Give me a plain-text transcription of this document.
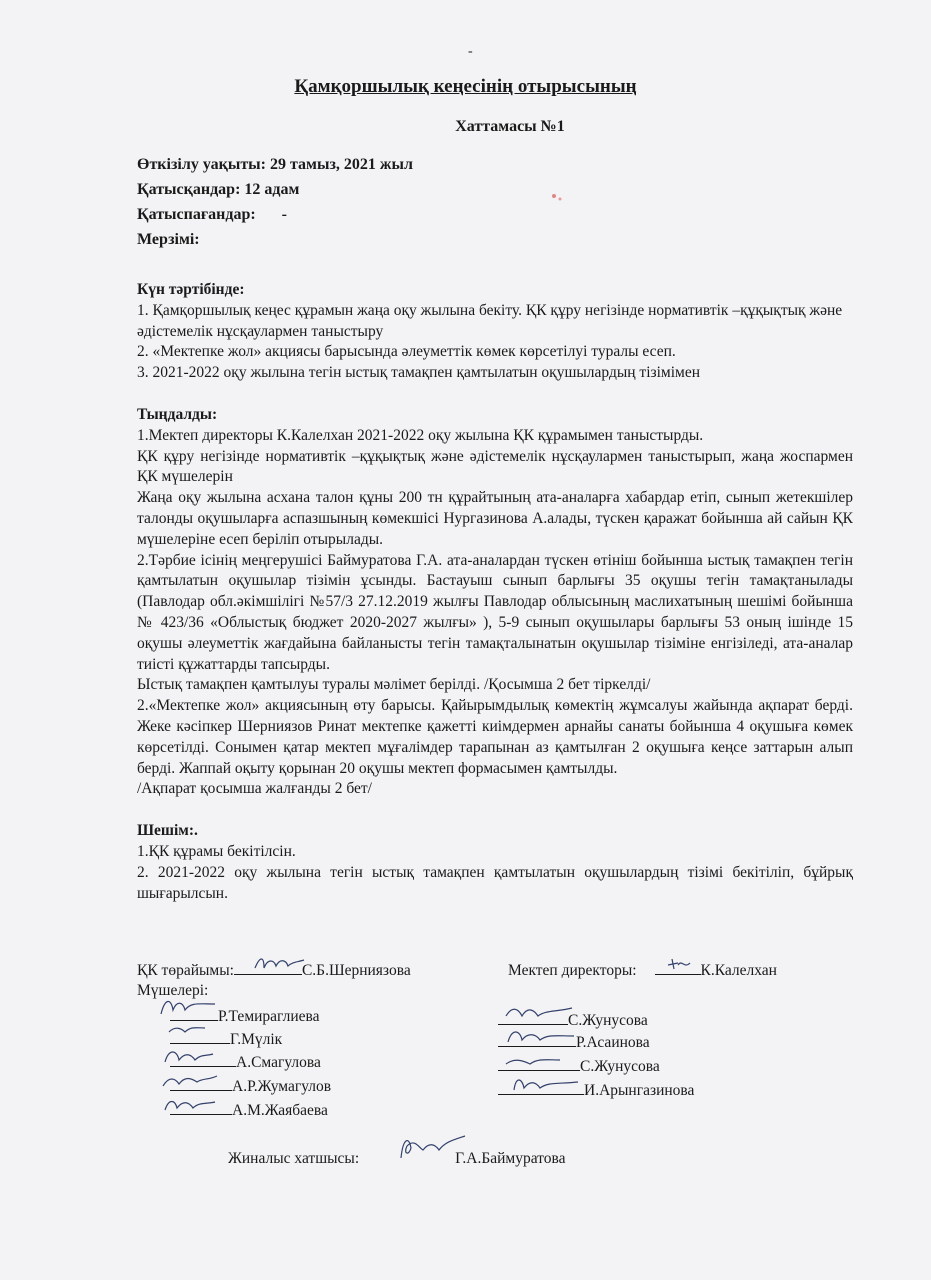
-
Қамқоршылық кеңесінің отырысының
Хаттамасы №1
Өткізілу уақыты: 29 тамыз, 2021 жыл
Қатысқандар: 12 адам
Қатыспағандар: -
Мерзімі:

Күн тәртібінде:

1. Қамқоршылық кеңес құрамын жаңа оқу жылына бекіту. ҚК құру негізінде нормативтік –құқықтық және әдістемелік нұсқаулармен таныстыру

2. «Мектепке жол» акциясы барысында әлеуметтік көмек көрсетілуі туралы есеп.

3. 2021-2022 оқу жылына тегін ыстық тамақпен қамтылатын оқушылардың тізімімен

Тыңдалды:

1.Мектеп директоры К.Калелхан 2021-2022 оқу жылына ҚК құрамымен таныстырды.

ҚК құру негізінде нормативтік –құқықтық және әдістемелік нұсқаулармен таныстырып, жаңа жоспармен ҚК мүшелерін

Жаңа оқу жылына асхана талон құны 200 тн құрайтының ата-аналарға хабардар етіп, сынып жетекшілер талонды оқушыларға аспазшының көмекшісі Нургазинова А.алады, түскен қаражат бойынша ай сайын ҚК мүшелеріне есеп беріліп отырылады.

2.Тәрбие ісінің меңгерушісі Баймуратова Г.А. ата-аналардан түскен өтініш бойынша ыстық тамақпен тегін қамтылатын оқушылар тізімін ұсынды. Бастауыш сынып барлығы 35 оқушы тегін тамақтанылады (Павлодар обл.әкімшілігі №57/3 27.12.2019 жылғы Павлодар облысының маслихатының шешімі бойынша № 423/36 «Облыстық бюджет 2020-2027 жылғы» ), 5-9 сынып оқушылары барлығы 53 оның ішінде 15 оқушы әлеуметтік жағдайына байланысты тегін тамақталынатын оқушылар тізіміне енгізіледі, ата-аналар тиісті құжаттарды тапсырды.

Ыстық тамақпен қамтылуы туралы мәлімет берілді. /Қосымша 2 бет тіркелді/

2.«Мектепке жол» акциясының өту барысы. Қайырымдылық көмектің жұмсалуы жайында ақпарат берді. Жеке кәсіпкер Шерниязов Ринат мектепке қажетті киімдермен арнайы санаты бойынша 4 оқушыға көмек көрсетілді. Сонымен қатар мектеп мұғалімдер тарапынан аз қамтылған 2 оқушыға кеңсе заттарын алып берді. Жаппай оқыту қорынан 20 оқушы мектеп формасымен қамтылды.

/Ақпарат қосымша жалғанды 2 бет/

Шешім:.

1.ҚК құрамы бекітілсін.

2. 2021-2022 оқу жылына тегін ыстық тамақпен қамтылатын оқушылардың тізімі бекітіліп, бұйрық шығарылсын.

ҚК төрайымы:	С.Б.Шерниязова	Мектеп директоры:	К.Калелхан
Мүшелері:
Р.Темираглиева
Г.Мүлік
А.Смагулова
А.Р.Жумагулов
А.М.Жаябаева
С.Жунусова
Р.Асаинова
С.Жунусова
И.Арынгазинова
Жиналыс хатшысы:	Г.А.Баймуратова
